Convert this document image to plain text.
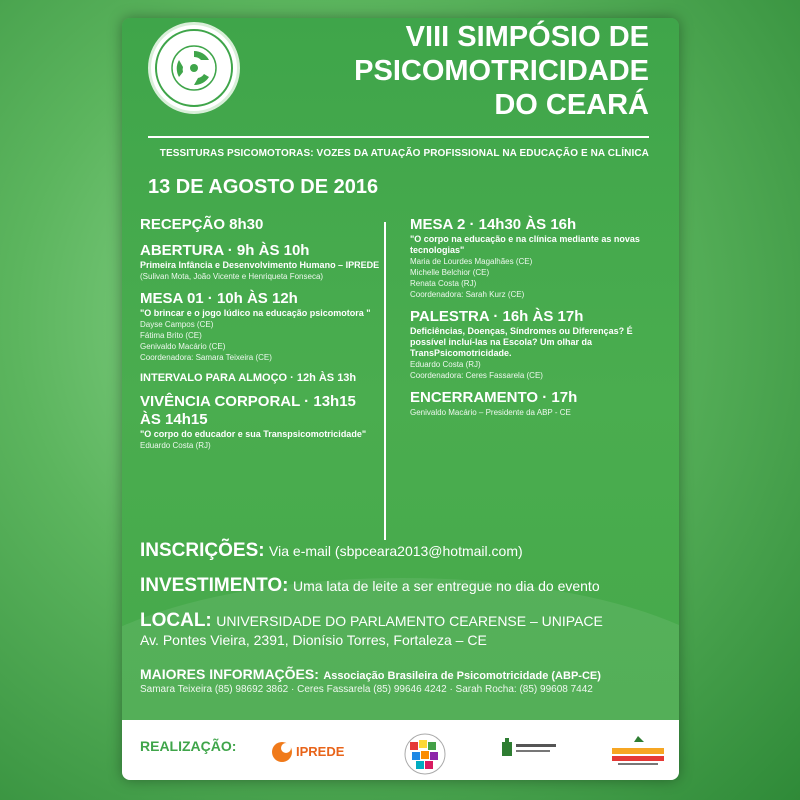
VIII SIMPÓSIO DE
PSICOMOTRICIDADE
DO CEARÁ
TESSITURAS PSICOMOTORAS: VOZES DA ATUAÇÃO PROFISSIONAL NA EDUCAÇÃO E NA CLÍNICA
13 DE AGOSTO DE 2016
RECEPÇÃO 8h30
ABERTURA · 9h ÀS 10h
Primeira Infância e Desenvolvimento Humano – IPREDE
(Sulivan Mota, João Vicente e Henriqueta Fonseca)
MESA 01 · 10h ÀS 12h
"O brincar e o jogo lúdico na educação psicomotora "
Dayse Campos (CE)
Fátima Brito (CE)
Genivaldo Macário (CE)
Coordenadora: Samara Teixeira (CE)
INTERVALO PARA ALMOÇO · 12h ÀS 13h
VIVÊNCIA CORPORAL · 13h15 ÀS 14h15
"O corpo do educador e sua Transpsicomotricidade"
Eduardo Costa (RJ)
MESA 2 · 14h30 ÀS 16h
"O corpo na educação e na clínica mediante as novas tecnologias"
Maria de Lourdes Magalhães (CE)
Michelle Belchior (CE)
Renata Costa (RJ)
Coordenadora: Sarah Kurz (CE)
PALESTRA · 16h ÀS 17h
Deficiências, Doenças, Síndromes ou Diferenças? É possível incluí-las na Escola? Um olhar da TransPsicomotricidade.
Eduardo Costa (RJ)
Coordenadora: Ceres Fassarela (CE)
ENCERRAMENTO · 17h
Genivaldo Macário – Presidente da ABP - CE
INSCRIÇÕES: Via e-mail (sbpceara2013@hotmail.com)
INVESTIMENTO: Uma lata de leite a ser entregue no dia do evento
LOCAL: UNIVERSIDADE DO PARLAMENTO CEARENSE – UNIPACE
Av. Pontes Vieira, 2391, Dionísio Torres, Fortaleza – CE
MAIORES INFORMAÇÕES: Associação Brasileira de Psicomotricidade (ABP-CE)
Samara Teixeira (85) 98692 3862 · Ceres Fassarela (85) 99646 4242 · Sarah Rocha: (85) 99608 7442
REALIZAÇÃO:	IPREDE
